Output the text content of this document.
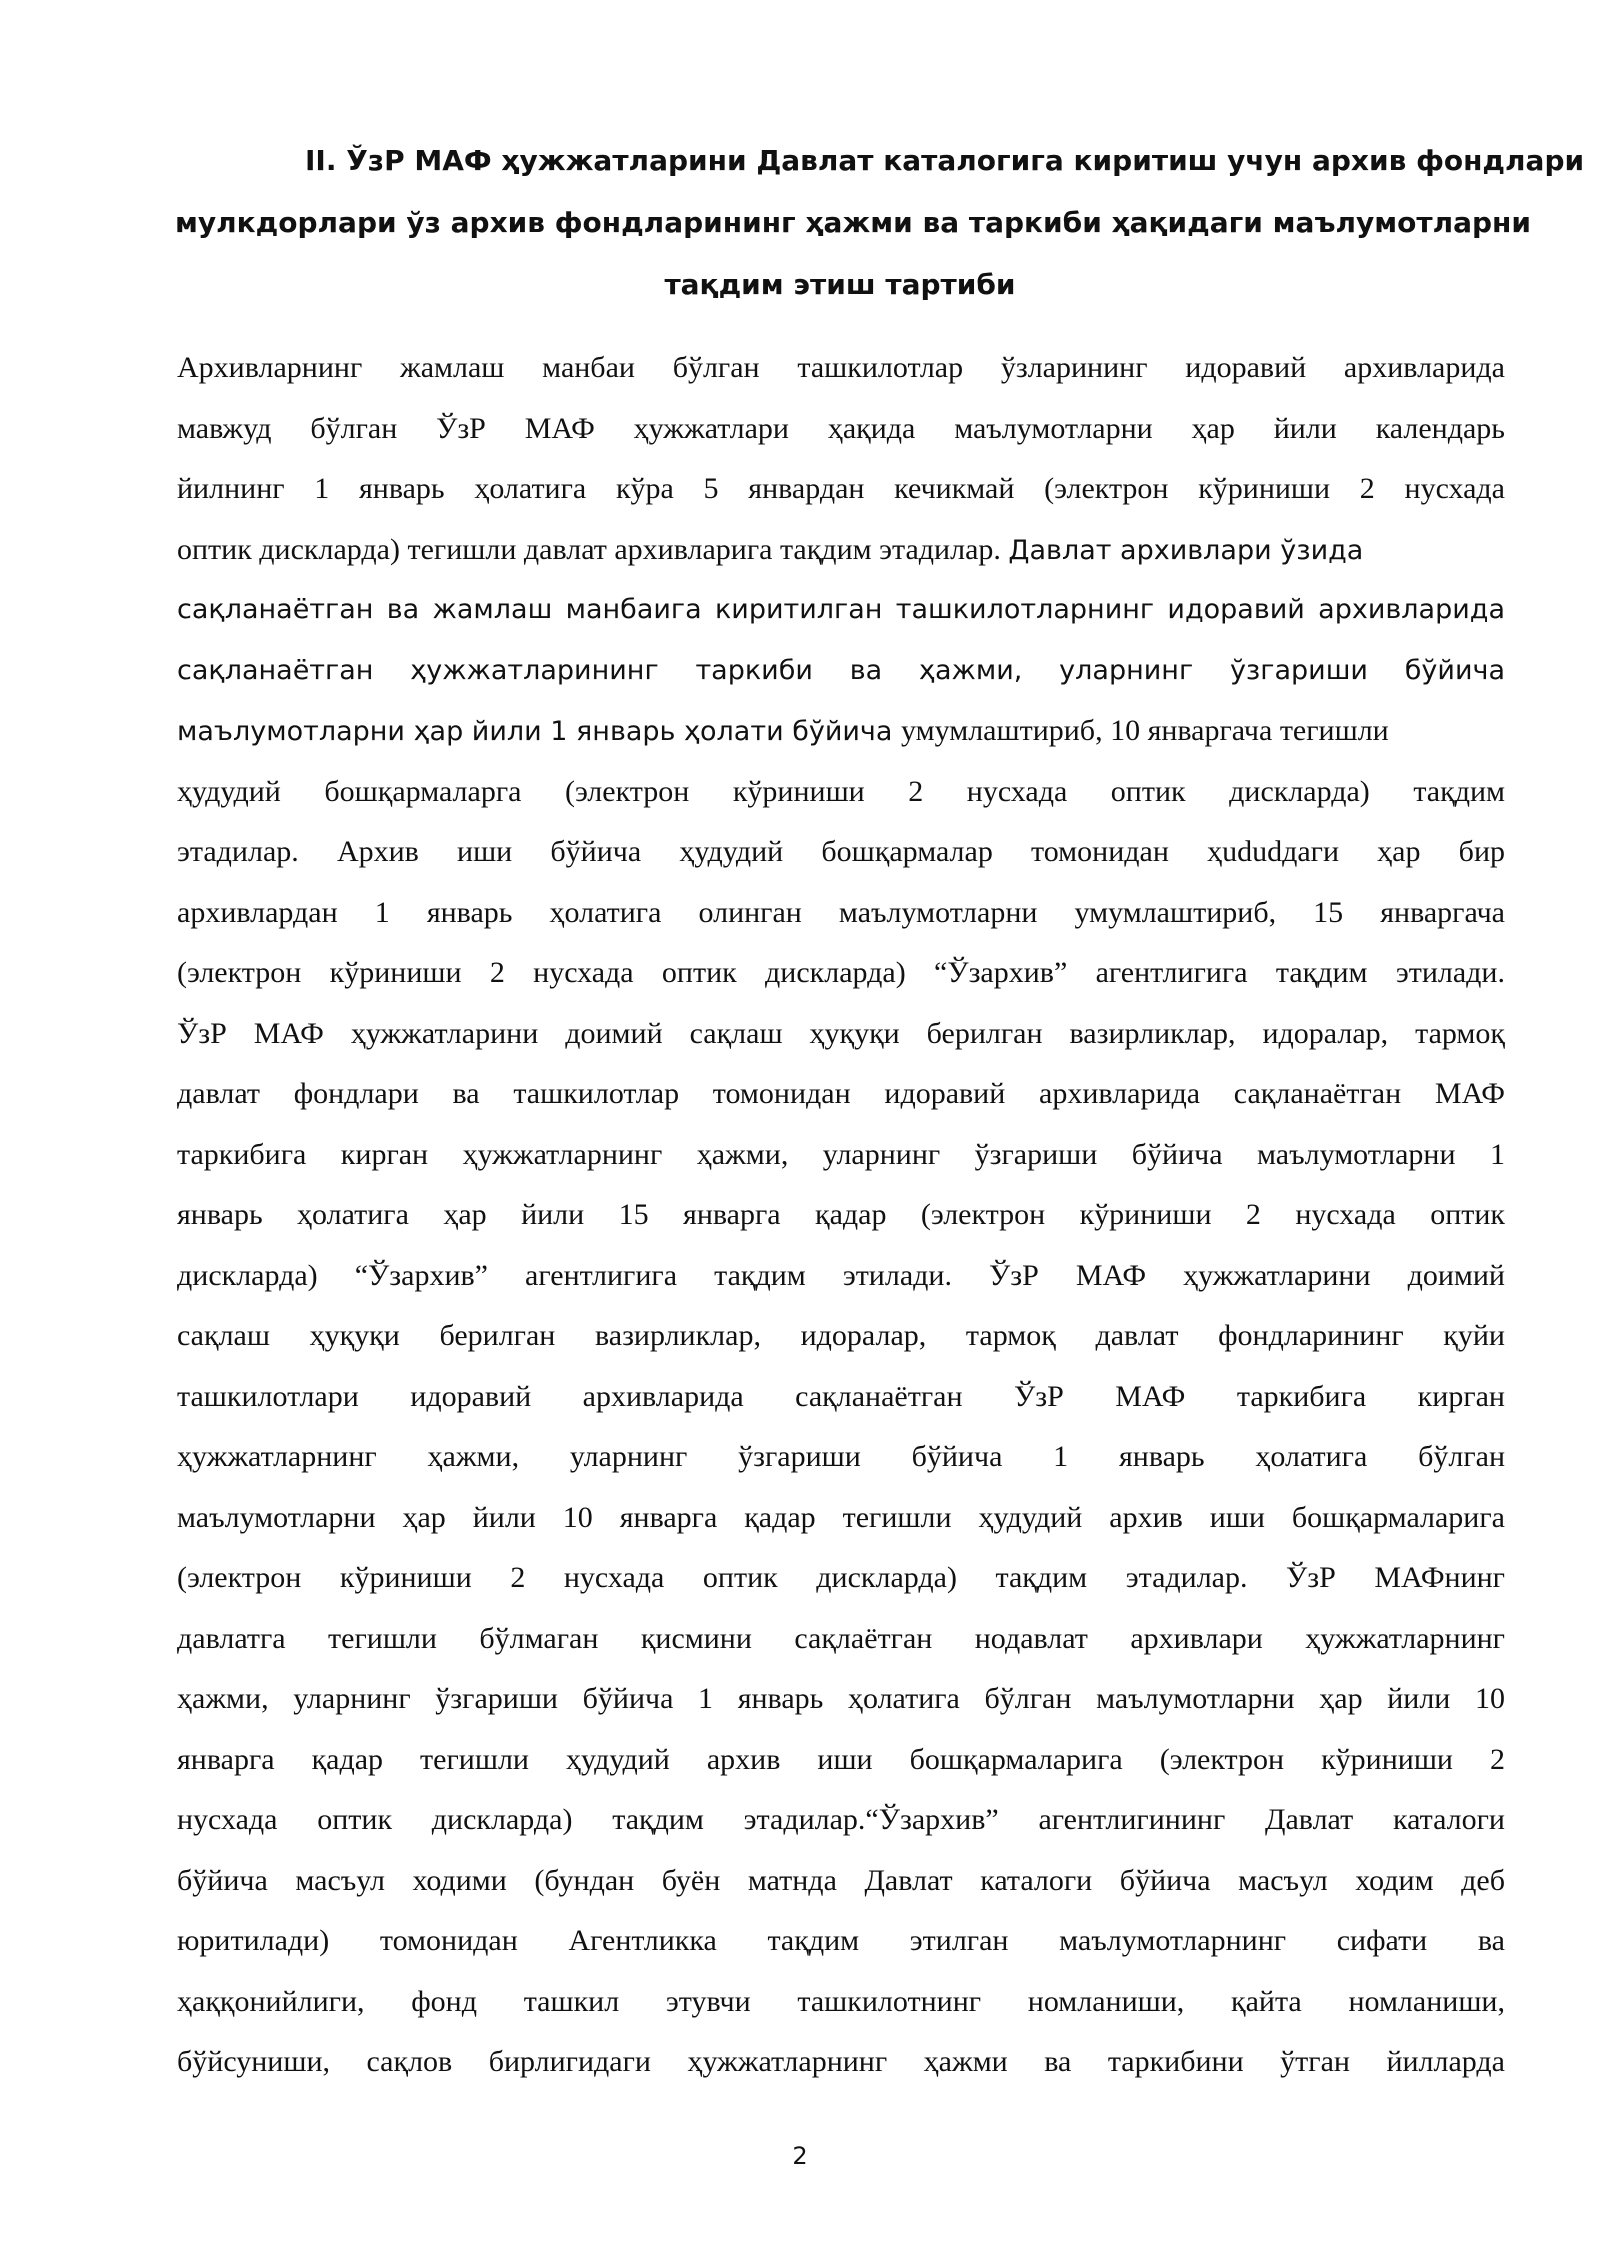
II. ЎзР МАФ ҳужжатларини Давлат каталогига киритиш учун архив фондлари
мулкдорлари ўз архив фондларининг ҳажми ва таркиби ҳақидаги маълумотларни
тақдим этиш тартиби
Архивларнинг жамлаш манбаи бўлган ташкилотлар ўзларининг идоравий архивларида
мавжуд бўлган ЎзР МАФ ҳужжатлари ҳақида маълумотларни ҳар йили календарь
йилнинг 1 январь ҳолатига кўра 5 январдан кечикмай (электрон кўриниши 2 нусхада
оптик дискларда) тегишли давлат архивларига тақдим этадилар. Давлат архивлари ўзида
сақланаётган ва жамлаш манбаига киритилган ташкилотларнинг идоравий архивларида
сақланаётган ҳужжатларининг таркиби ва ҳажми, уларнинг ўзгариши бўйича
маълумотларни ҳар йили 1 январь ҳолати бўйича умумлаштириб, 10 январгача тегишли
ҳудудий бошқармаларга (электрон кўриниши 2 нусхада оптик дискларда) тақдим
этадилар. Архив иши бўйича ҳудудий бошқармалар томонидан ҳududдаги ҳар бир
архивлардан 1 январь ҳолатига олинган маълумотларни умумлаштириб, 15 январгача
(электрон кўриниши 2 нусхада оптик дискларда) “Ўзархив” агентлигига тақдим этилади.
ЎзР МАФ ҳужжатларини доимий сақлаш ҳуқуқи берилган вазирликлар, идоралар, тармоқ
давлат фондлари ва ташкилотлар томонидан идоравий архивларида сақланаётган МАФ
таркибига кирган ҳужжатларнинг ҳажми, уларнинг ўзгариши бўйича маълумотларни 1
январь ҳолатига ҳар йили 15 январга қадар (электрон кўриниши 2 нусхада оптик
дискларда) “Ўзархив” агентлигига тақдим этилади. ЎзР МАФ ҳужжатларини доимий
сақлаш ҳуқуқи берилган вазирликлар, идоралар, тармоқ давлат фондларининг қуйи
ташкилотлари идоравий архивларида сақланаётган ЎзР МАФ таркибига кирган
ҳужжатларнинг ҳажми, уларнинг ўзгариши бўйича 1 январь ҳолатига бўлган
маълумотларни ҳар йили 10 январга қадар тегишли ҳудудий архив иши бошқармаларига
(электрон кўриниши 2 нусхада оптик дискларда) тақдим этадилар. ЎзР МАФнинг
давлатга тегишли бўлмаган қисмини сақлаётган нодавлат архивлари ҳужжатларнинг
ҳажми, уларнинг ўзгариши бўйича 1 январь ҳолатига бўлган маълумотларни ҳар йили 10
январга қадар тегишли ҳудудий архив иши бошқармаларига (электрон кўриниши 2
нусхада оптик дискларда) тақдим этадилар.“Ўзархив” агентлигининг Давлат каталоги
бўйича масъул ходими (бундан буён матнда Давлат каталоги бўйича масъул ходим деб
юритилади) томонидан Агентликка тақдим этилган маълумотларнинг сифати ва
ҳаққонийлиги, фонд ташкил этувчи ташкилотнинг номланиши, қайта номланиши,
бўйсуниши, сақлов бирлигидаги ҳужжатларнинг ҳажми ва таркибини ўтган йилларда
2
